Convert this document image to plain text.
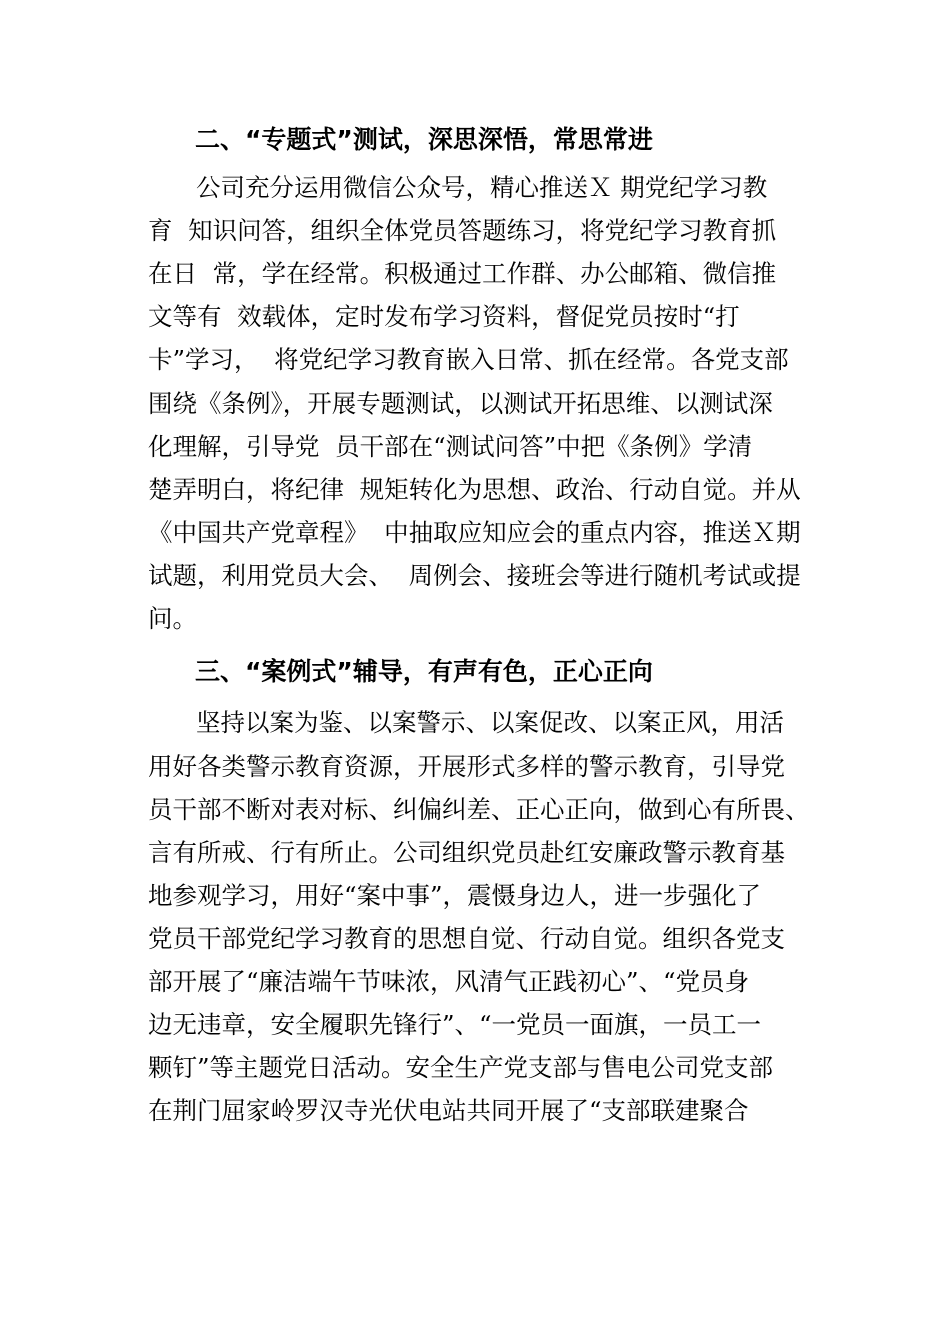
二、“专题式”测试，深思深悟，常思常进
公司充分运用微信公众号，精心推送Ｘ 期党纪学习教
育  知识问答，组织全体党员答题练习，将党纪学习教育抓
在日  常，学在经常。积极通过工作群、办公邮箱、微信推
文等有  效载体，定时发布学习资料，督促党员按时“打
卡”学习，  将党纪学习教育嵌入日常、抓在经常。各党支部
围绕《条例》，开展专题测试，以测试开拓思维、以测试深
化理解，引导党  员干部在“测试问答”中把《条例》学清
楚弄明白，将纪律  规矩转化为思想、政治、行动自觉。并从
《中国共产党章程》  中抽取应知应会的重点内容，推送Ｘ期
试题，利用党员大会、  周例会、接班会等进行随机考试或提
问。
三、“案例式”辅导，有声有色，正心正向
坚持以案为鉴、以案警示、以案促改、以案正风，用活
用好各类警示教育资源，开展形式多样的警示教育，引导党
员干部不断对表对标、纠偏纠差、正心正向，做到心有所畏、
言有所戒、行有所止。公司组织党员赴红安廉政警示教育基
地参观学习，用好“案中事”，震慑身边人，进一步强化了
党员干部党纪学习教育的思想自觉、行动自觉。组织各党支
部开展了“廉洁端午节味浓，风清气正践初心”、“党员身
边无违章，安全履职先锋行”、“一党员一面旗，一员工一
颗钉”等主题党日活动。安全生产党支部与售电公司党支部
在荆门屈家岭罗汉寺光伏电站共同开展了“支部联建聚合
